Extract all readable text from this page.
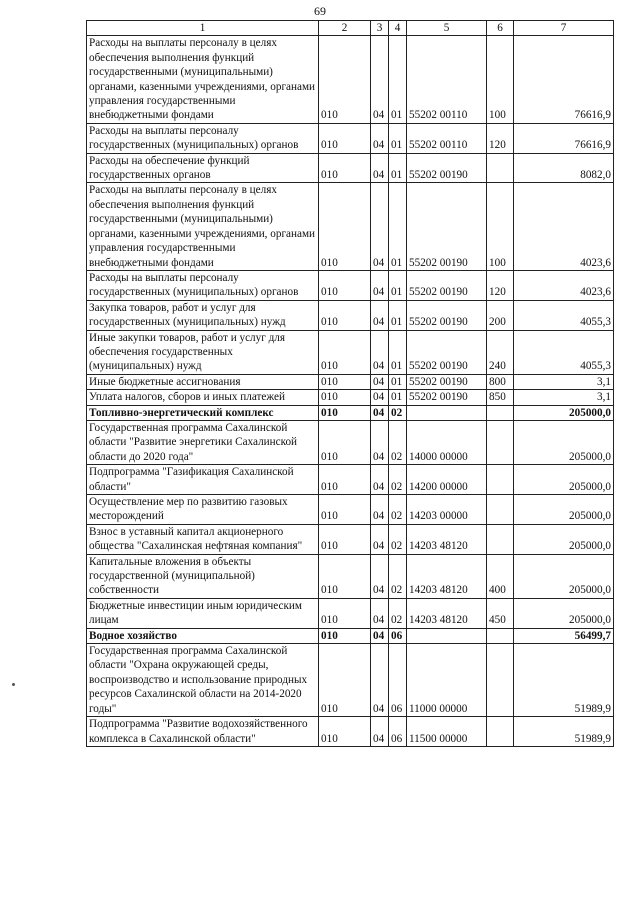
69
1	2	3	4	5	6	7
Расходы на выплаты персоналу в целях обеспечения выполнения функций государственными (муниципальными) органами, казенными учреждениями, органами управления государственными внебюджетными фондами	010	04	01	55202 00110	100	76616,9
Расходы на выплаты персоналу государственных (муниципальных) органов	010	04	01	55202 00110	120	76616,9
Расходы на обеспечение функций государственных органов	010	04	01	55202 00190		8082,0
Расходы на выплаты персоналу в целях обеспечения выполнения функций государственными (муниципальными) органами, казенными учреждениями, органами управления государственными внебюджетными фондами	010	04	01	55202 00190	100	4023,6
Расходы на выплаты персоналу государственных (муниципальных) органов	010	04	01	55202 00190	120	4023,6
Закупка товаров, работ и услуг для государственных (муниципальных) нужд	010	04	01	55202 00190	200	4055,3
Иные закупки товаров, работ и услуг для обеспечения государственных (муниципальных) нужд	010	04	01	55202 00190	240	4055,3
Иные бюджетные ассигнования	010	04	01	55202 00190	800	3,1
Уплата налогов, сборов и иных платежей	010	04	01	55202 00190	850	3,1
Топливно-энергетический комплекс	010	04	02			205000,0
Государственная программа Сахалинской области "Развитие энергетики Сахалинской области до 2020 года"	010	04	02	14000 00000		205000,0
Подпрограмма "Газификация Сахалинской области"	010	04	02	14200 00000		205000,0
Осуществление мер по развитию газовых месторождений	010	04	02	14203 00000		205000,0
Взнос в уставный капитал акционерного общества "Сахалинская нефтяная компания"	010	04	02	14203 48120		205000,0
Капитальные вложения в объекты государственной (муниципальной) собственности	010	04	02	14203 48120	400	205000,0
Бюджетные инвестиции иным юридическим лицам	010	04	02	14203 48120	450	205000,0
Водное хозяйство	010	04	06			56499,7
Государственная программа Сахалинской области "Охрана окружающей среды, воспроизводство и использование природных ресурсов Сахалинской области на 2014-2020 годы"	010	04	06	11000 00000		51989,9
Подпрограмма "Развитие водохозяйственного комплекса в Сахалинской области"	010	04	06	11500 00000		51989,9
